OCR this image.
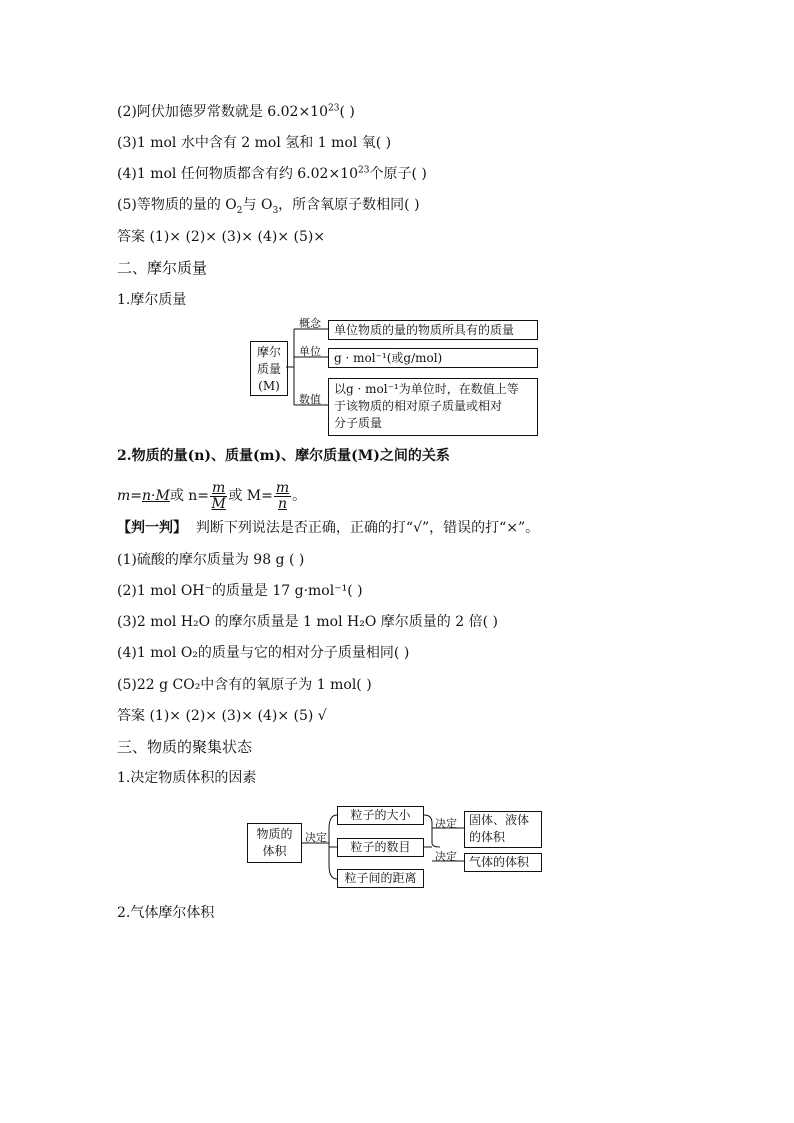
(2)阿伏加德罗常数就是 $6.02\times 10^{23}$( )
(3)1 mol 水中含有 2 mol 氢和 1 mol 氧( )
(4)1 mol 任何物质都含有约 $6.02\times 10^{23}$个原子( )
(5)等物质的量的 $O_2$与 $O_3$，所含氧原子数相同( )
答案 (1)× (2)× (3)× (4)× (5)×
二、摩尔质量
1.摩尔质量
摩尔
质量
(M)
概念
单位
数值
单位物质的量的物质所具有的质量
g · mol⁻¹(或g/mol)
以g · mol⁻¹为单位时，在数值上等
于该物质的相对原子质量或相对
分子质量
2.物质的量(n)、质量(m)、摩尔质量(M)之间的关系
m=n·M或 $n= \frac{m}{M}$ 或 $M= \frac{m}{n}$ 。
【判一判】 判断下列说法是否正确，正确的打“√”，错误的打“×”。
(1)硫酸的摩尔质量为 98 g ( )
(2)1 mol OH⁻的质量是 17 g·mol⁻¹( )
(3)2 mol H₂O 的摩尔质量是 1 mol H₂O 摩尔质量的 2 倍( )
(4)1 mol O₂的质量与它的相对分子质量相同( )
(5)22 g CO₂中含有的氧原子为 1 mol( )
答案 (1)× (2)× (3)× (4)× (5) √
三、物质的聚集状态
1.决定物质体积的因素
物质的
体积
决定
粒子的大小
粒子的数目
粒子间的距离
决定
决定
固体、液体
的体积
气体的体积
2.气体摩尔体积
